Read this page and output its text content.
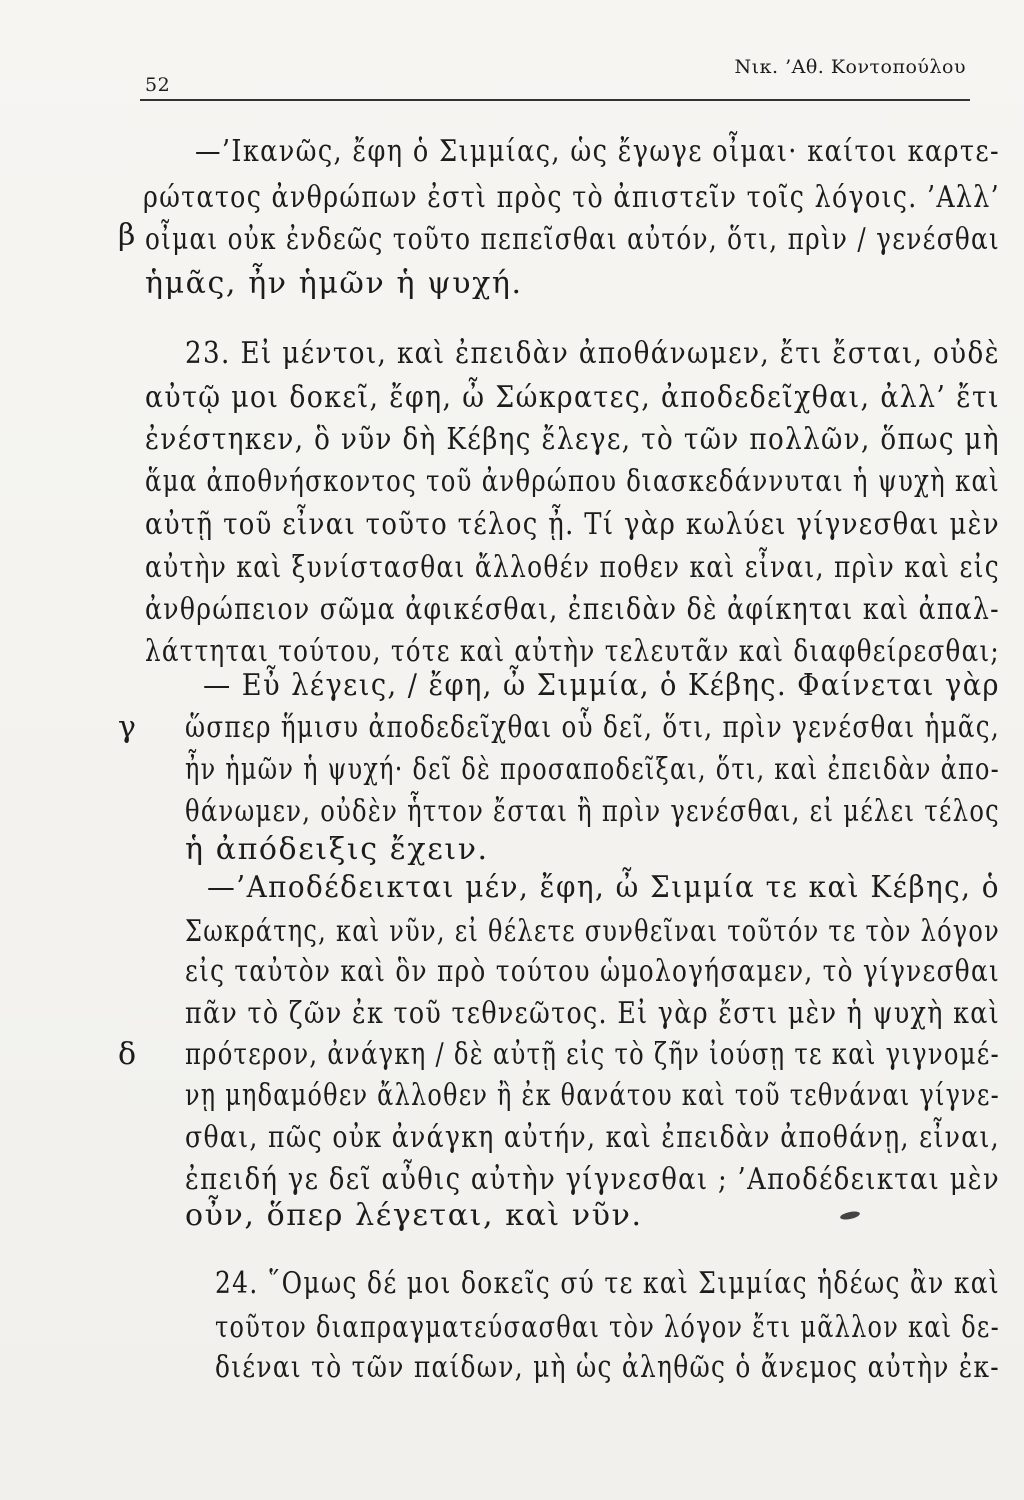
52
Νικ. ’Αθ. Κοντοπούλου
β
γ
δ
—’Ικανῶς, ἔφη ὁ Σιμμίας, ὡς ἔγωγε οἶμαι· καίτοι καρτε-
ρώτατος ἀνθρώπων ἐστὶ πρὸς τὸ ἀπιστεῖν τοῖς λόγοις. ’Αλλ’
οἶμαι οὐκ ἐνδεῶς τοῦτο πεπεῖσθαι αὐτόν, ὅτι, πρὶν / γενέσθαι
ἡμᾶς, ἦν ἡμῶν ἡ ψυχή.
23. Εἰ μέντοι, καὶ ἐπειδὰν ἀποθάνωμεν, ἔτι ἔσται, οὐδὲ
αὐτῷ μοι δοκεῖ, ἔφη, ὦ Σώκρατες, ἀποδεδεῖχθαι, ἀλλ’ ἔτι
ἐνέστηκεν, ὃ νῦν δὴ Κέβης ἔλεγε, τὸ τῶν πολλῶν, ὅπως μὴ
ἅμα ἀποθνήσκοντος τοῦ ἀνθρώπου διασκεδάννυται ἡ ψυχὴ καὶ
αὐτῇ τοῦ εἶναι τοῦτο τέλος ᾖ. Τί γὰρ κωλύει γίγνεσθαι μὲν
αὐτὴν καὶ ξυνίστασθαι ἄλλοθέν ποθεν καὶ εἶναι, πρὶν καὶ εἰς
ἀνθρώπειον σῶμα ἀφικέσθαι, ἐπειδὰν δὲ ἀφίκηται καὶ ἀπαλ-
λάττηται τούτου, τότε καὶ αὐτὴν τελευτᾶν καὶ διαφθείρεσθαι;
— Εὖ λέγεις, / ἔφη, ὦ Σιμμία, ὁ Κέβης. Φαίνεται γὰρ
ὥσπερ ἥμισυ ἀποδεδεῖχθαι οὗ δεῖ, ὅτι, πρὶν γενέσθαι ἡμᾶς,
ἦν ἡμῶν ἡ ψυχή· δεῖ δὲ προσαποδεῖξαι, ὅτι, καὶ ἐπειδὰν ἀπο-
θάνωμεν, οὐδὲν ἧττον ἔσται ἢ πρὶν γενέσθαι, εἰ μέλει τέλος
ἡ ἀπόδειξις ἔχειν.
—’Αποδέδεικται μέν, ἔφη, ὦ Σιμμία τε καὶ Κέβης, ὁ
Σωκράτης, καὶ νῦν, εἰ θέλετε συνθεῖναι τοῦτόν τε τὸν λόγον
εἰς ταὐτὸν καὶ ὃν πρὸ τούτου ὡμολογήσαμεν, τὸ γίγνεσθαι
πᾶν τὸ ζῶν ἐκ τοῦ τεθνεῶτος. Εἰ γὰρ ἔστι μὲν ἡ ψυχὴ καὶ
πρότερον, ἀνάγκη / δὲ αὐτῇ εἰς τὸ ζῆν ἰούσῃ τε καὶ γιγνομέ-
νῃ μηδαμόθεν ἄλλοθεν ἢ ἐκ θανάτου καὶ τοῦ τεθνάναι γίγνε-
σθαι, πῶς οὐκ ἀνάγκη αὐτήν, καὶ ἐπειδὰν ἀποθάνῃ, εἶναι,
ἐπειδή γε δεῖ αὖθις αὐτὴν γίγνεσθαι ; ’Αποδέδεικται μὲν
οὖν, ὅπερ λέγεται, καὶ νῦν.
24. ῞Ομως δέ μοι δοκεῖς σύ τε καὶ Σιμμίας ἡδέως ἂν καὶ
τοῦτον διαπραγματεύσασθαι τὸν λόγον ἔτι μᾶλλον καὶ δε-
διέναι τὸ τῶν παίδων, μὴ ὡς ἀληθῶς ὁ ἄνεμος αὐτὴν ἐκ-
